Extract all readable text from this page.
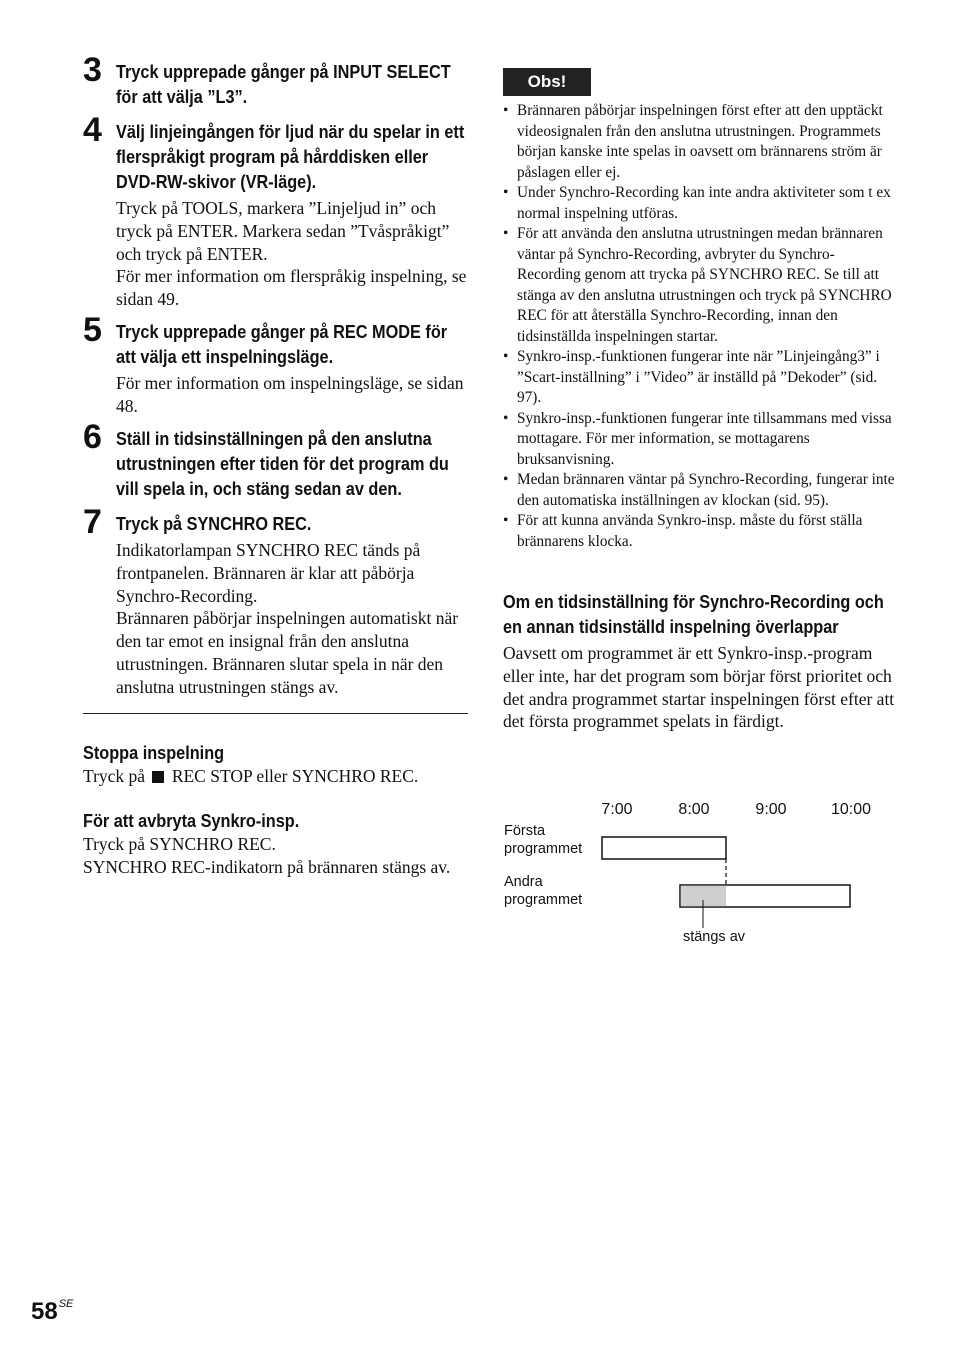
3 Tryck upprepade gånger på INPUT SELECT för att välja ”L3”.
4 Välj linjeingången för ljud när du spelar in ett flerspråkigt program på hårddisken eller DVD-RW-skivor (VR-läge).
Tryck på TOOLS, markera ”Linjeljud in” och tryck på ENTER. Markera sedan ”Tvåspråkigt” och tryck på ENTER.
För mer information om flerspråkig inspelning, se sidan 49.
5 Tryck upprepade gånger på REC MODE för att välja ett inspelningsläge.
För mer information om inspelningsläge, se sidan 48.
6 Ställ in tidsinställningen på den anslutna utrustningen efter tiden för det program du vill spela in, och stäng sedan av den.
7 Tryck på SYNCHRO REC.
Indikatorlampan SYNCHRO REC tänds på frontpanelen. Brännaren är klar att påbörja Synchro-Recording.
Brännaren påbörjar inspelningen automatiskt när den tar emot en insignal från den anslutna utrustningen. Brännaren slutar spela in när den anslutna utrustningen stängs av.
Stoppa inspelning
Tryck på REC STOP eller SYNCHRO REC.
För att avbryta Synkro-insp.
Tryck på SYNCHRO REC.
SYNCHRO REC-indikatorn på brännaren stängs av.
Obs!
• Brännaren påbörjar inspelningen först efter att den upptäckt videosignalen från den anslutna utrustningen. Programmets början kanske inte spelas in oavsett om brännarens ström är påslagen eller ej.
• Under Synchro-Recording kan inte andra aktiviteter som t ex normal inspelning utföras.
• För att använda den anslutna utrustningen medan brännaren väntar på Synchro-Recording, avbryter du Synchro-Recording genom att trycka på SYNCHRO REC. Se till att stänga av den anslutna utrustningen och tryck på SYNCHRO REC för att återställa Synchro-Recording, innan den tidsinställda inspelningen startar.
• Synkro-insp.-funktionen fungerar inte när ”Linjeingång3” i ”Scart-inställning” i ”Video” är inställd på ”Dekoder” (sid. 97).
• Synkro-insp.-funktionen fungerar inte tillsammans med vissa mottagare. För mer information, se mottagarens bruksanvisning.
• Medan brännaren väntar på Synchro-Recording, fungerar inte den automatiska inställningen av klockan (sid. 95).
• För att kunna använda Synkro-insp. måste du först ställa brännarens klocka.
Om en tidsinställning för Synchro-Recording och en annan tidsinställd inspelning överlappar
Oavsett om programmet är ett Synkro-insp.-program eller inte, har det program som börjar först prioritet och det andra programmet startar inspelningen först efter att det första programmet spelats in färdigt.
7:00	8:00	9:00	10:00
Första
programmet
Andra
programmet
stängs av
$58^{SE}$
